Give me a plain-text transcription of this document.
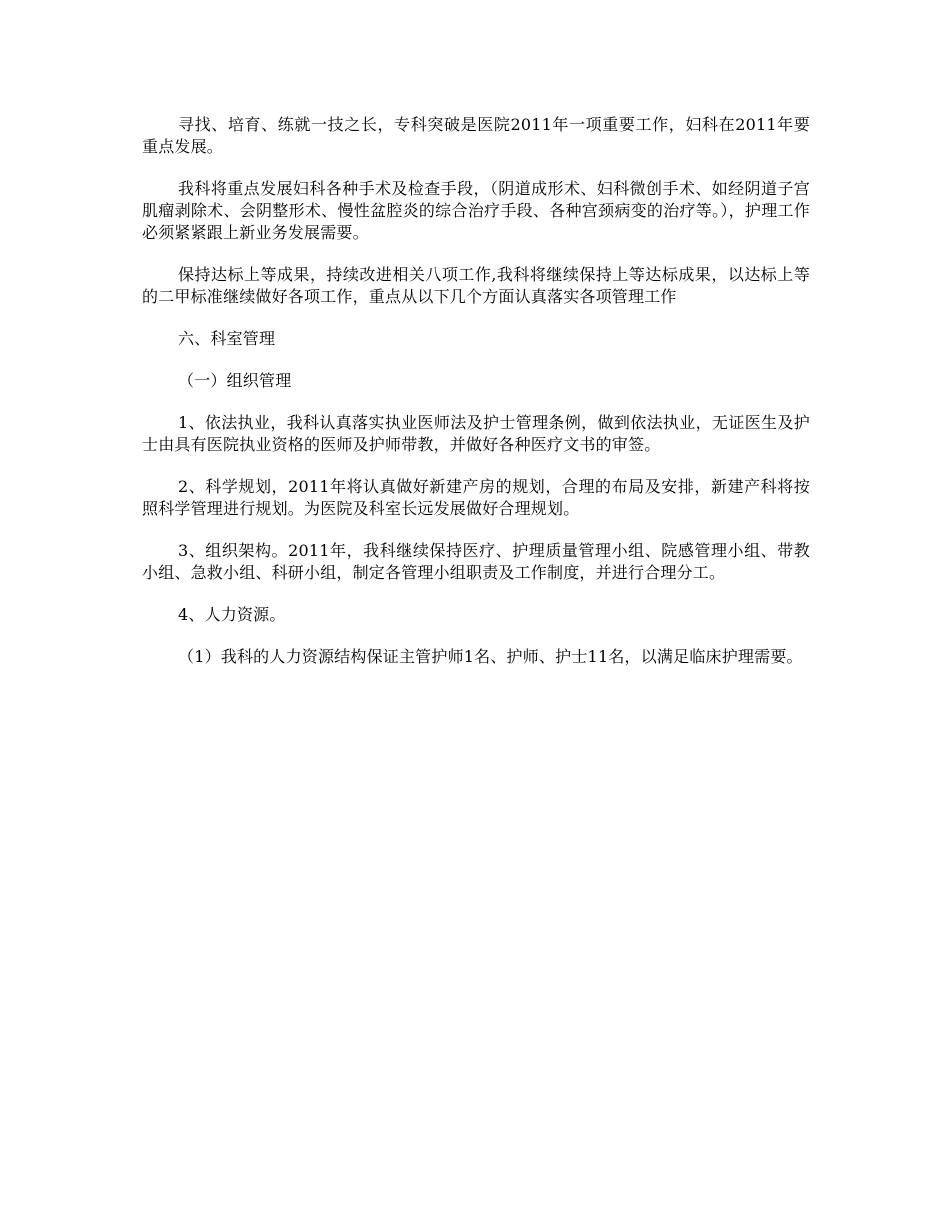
寻找、培育、练就一技之长，专科突破是医院2011年一项重要工作，妇科在2011年要重点发展。

我科将重点发展妇科各种手术及检查手段，（阴道成形术、妇科微创手术、如经阴道子宫肌瘤剥除术、会阴整形术、慢性盆腔炎的综合治疗手段、各种宫颈病变的治疗等。），护理工作必须紧紧跟上新业务发展需要。

保持达标上等成果，持续改进相关八项工作,我科将继续保持上等达标成果，以达标上等的二甲标准继续做好各项工作，重点从以下几个方面认真落实各项管理工作

六、科室管理

（一）组织管理

1、依法执业，我科认真落实执业医师法及护士管理条例，做到依法执业，无证医生及护士由具有医院执业资格的医师及护师带教，并做好各种医疗文书的审签。

2、科学规划，2011年将认真做好新建产房的规划，合理的布局及安排，新建产科将按照科学管理进行规划。为医院及科室长远发展做好合理规划。

3、组织架构。2011年，我科继续保持医疗、护理质量管理小组、院感管理小组、带教小组、急救小组、科研小组，制定各管理小组职责及工作制度，并进行合理分工。

4、人力资源。

（1）我科的人力资源结构保证主管护师1名、护师、护士11名，以满足临床护理需要。
